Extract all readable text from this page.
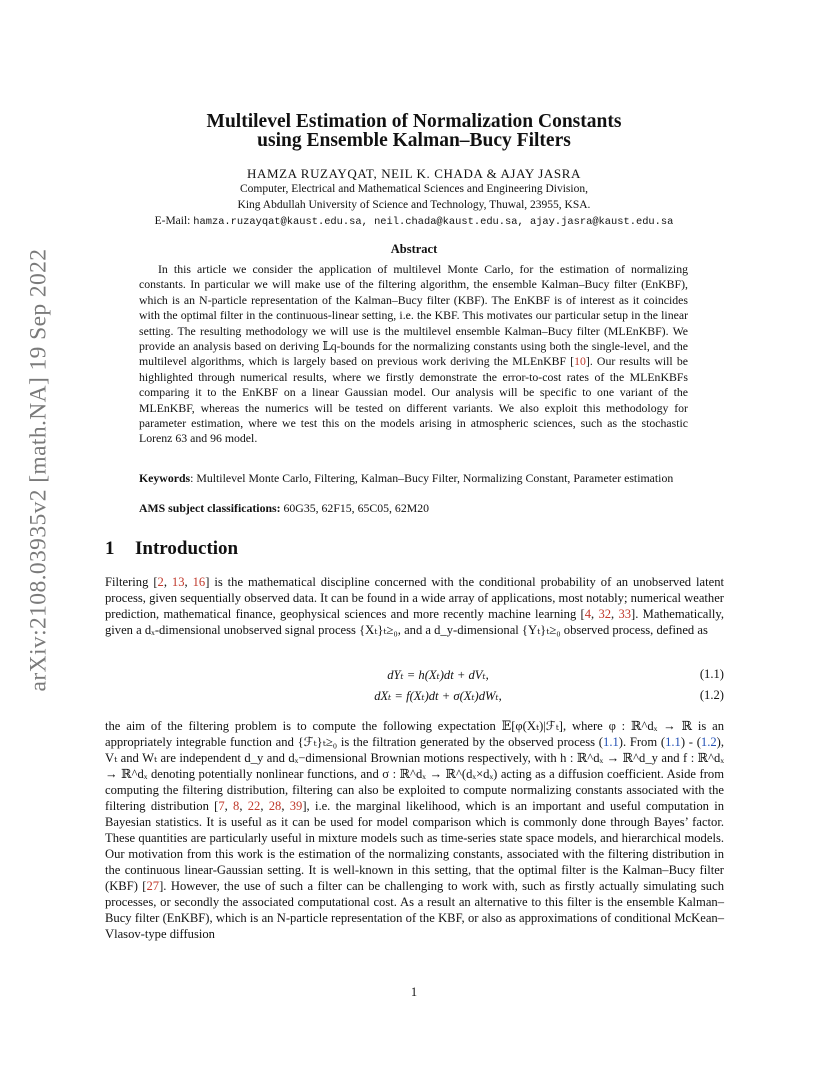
arXiv:2108.03935v2 [math.NA] 19 Sep 2022
Multilevel Estimation of Normalization Constants
using Ensemble Kalman–Bucy Filters
HAMZA RUZAYQAT, NEIL K. CHADA & AJAY JASRA
Computer, Electrical and Mathematical Sciences and Engineering Division,
King Abdullah University of Science and Technology, Thuwal, 23955, KSA.
E-Mail: hamza.ruzayqat@kaust.edu.sa, neil.chada@kaust.edu.sa, ajay.jasra@kaust.edu.sa
Abstract
In this article we consider the application of multilevel Monte Carlo, for the estimation of normalizing constants. In particular we will make use of the filtering algorithm, the ensemble Kalman–Bucy filter (EnKBF), which is an N-particle representation of the Kalman–Bucy filter (KBF). The EnKBF is of interest as it coincides with the optimal filter in the continuous-linear setting, i.e. the KBF. This motivates our particular setup in the linear setting. The resulting methodology we will use is the multilevel ensemble Kalman–Bucy filter (MLEnKBF). We provide an analysis based on deriving 𝕃q-bounds for the normalizing constants using both the single-level, and the multilevel algorithms, which is largely based on previous work deriving the MLEnKBF [10]. Our results will be highlighted through numerical results, where we firstly demonstrate the error-to-cost rates of the MLEnKBFs comparing it to the EnKBF on a linear Gaussian model. Our analysis will be specific to one variant of the MLEnKBF, whereas the numerics will be tested on different variants. We also exploit this methodology for parameter estimation, where we test this on the models arising in atmospheric sciences, such as the stochastic Lorenz 63 and 96 model.
Keywords: Multilevel Monte Carlo, Filtering, Kalman–Bucy Filter, Normalizing Constant, Parameter estimation
AMS subject classifications: 60G35, 62F15, 65C05, 62M20
1 Introduction
Filtering [2, 13, 16] is the mathematical discipline concerned with the conditional probability of an unobserved latent process, given sequentially observed data. It can be found in a wide array of applications, most notably; numerical weather prediction, mathematical finance, geophysical sciences and more recently machine learning [4, 32, 33]. Mathematically, given a dₓ-dimensional unobserved signal process {Xₜ}ₜ≥₀, and a d_y-dimensional {Yₜ}ₜ≥₀ observed process, defined as
dYₜ = h(Xₜ)dt + dVₜ,	(1.1)
dXₜ = f(Xₜ)dt + σ(Xₜ)dWₜ,	(1.2)
the aim of the filtering problem is to compute the following expectation 𝔼[φ(Xₜ)|ℱₜ], where φ : ℝ^dₓ → ℝ is an appropriately integrable function and {ℱₜ}ₜ≥₀ is the filtration generated by the observed process (1.1). From (1.1) - (1.2), Vₜ and Wₜ are independent d_y and dₓ−dimensional Brownian motions respectively, with h : ℝ^dₓ → ℝ^d_y and f : ℝ^dₓ → ℝ^dₓ denoting potentially nonlinear functions, and σ : ℝ^dₓ → ℝ^(dₓ×dₓ) acting as a diffusion coefficient. Aside from computing the filtering distribution, filtering can also be exploited to compute normalizing constants associated with the filtering distribution [7, 8, 22, 28, 39], i.e. the marginal likelihood, which is an important and useful computation in Bayesian statistics. It is useful as it can be used for model comparison which is commonly done through Bayes’ factor. These quantities are particularly useful in mixture models such as time-series state space models, and hierarchical models. Our motivation from this work is the estimation of the normalizing constants, associated with the filtering distribution in the continuous linear-Gaussian setting. It is well-known in this setting, that the optimal filter is the Kalman–Bucy filter (KBF) [27]. However, the use of such a filter can be challenging to work with, such as firstly actually simulating such processes, or secondly the associated computational cost. As a result an alternative to this filter is the ensemble Kalman–Bucy filter (EnKBF), which is an N-particle representation of the KBF, or also as approximations of conditional McKean–Vlasov-type diffusion
1
